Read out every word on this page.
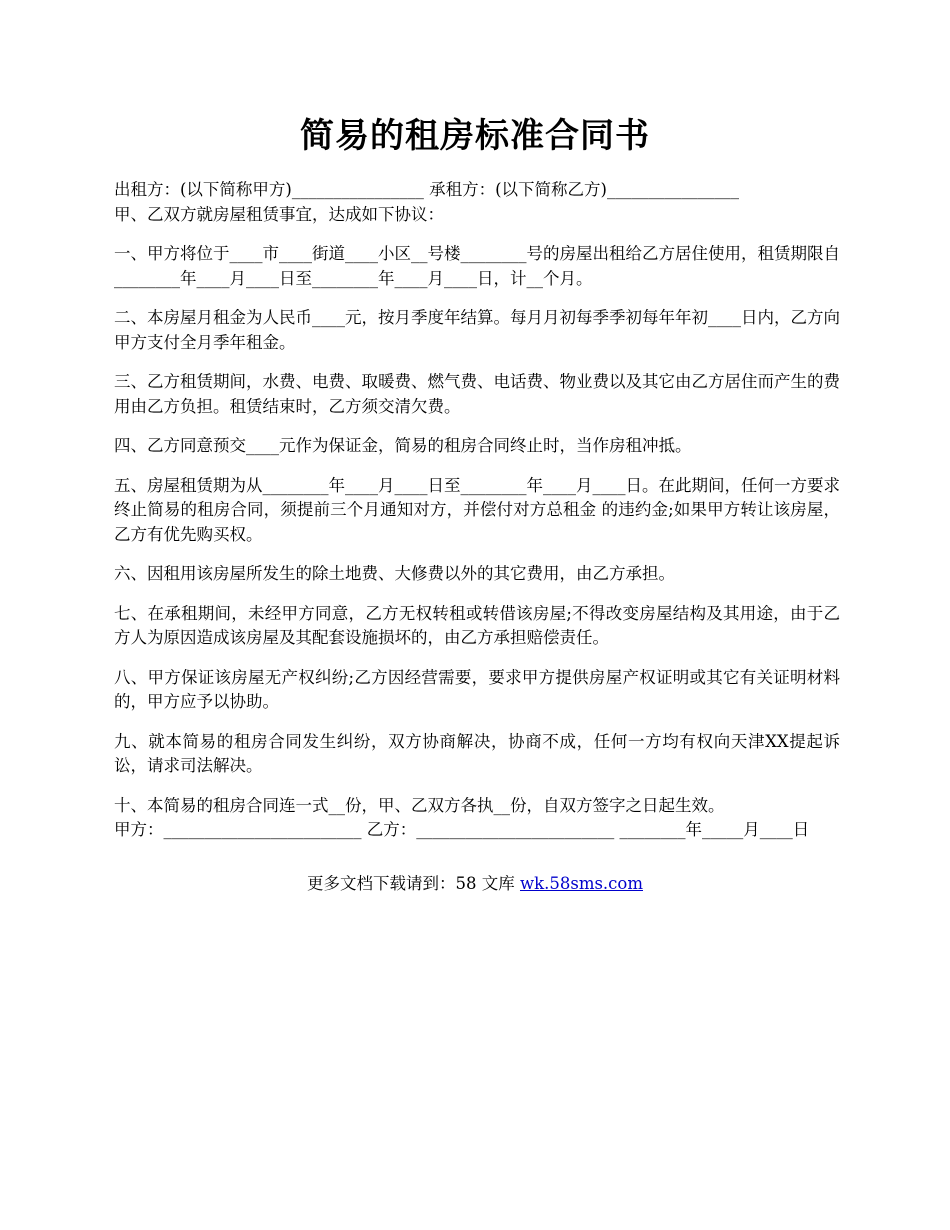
简易的租房标准合同书

出租方：(以下简称甲方)________________ 承租方：(以下简称乙方)________________

甲、乙双方就房屋租赁事宜，达成如下协议：

一、甲方将位于____市____街道____小区__号楼________号的房屋出租给乙方居住使用，租赁期限自________年____月____日至________年____月____日，计__个月。

二、本房屋月租金为人民币____元，按月季度年结算。每月月初每季季初每年年初____日内，乙方向甲方支付全月季年租金。

三、乙方租赁期间，水费、电费、取暖费、燃气费、电话费、物业费以及其它由乙方居住而产生的费用由乙方负担。租赁结束时，乙方须交清欠费。

四、乙方同意预交____元作为保证金，简易的租房合同终止时，当作房租冲抵。

五、房屋租赁期为从________年____月____日至________年____月____日。在此期间，任何一方要求终止简易的租房合同，须提前三个月通知对方，并偿付对方总租金 的违约金;如果甲方转让该房屋，乙方有优先购买权。

六、因租用该房屋所发生的除土地费、大修费以外的其它费用，由乙方承担。

七、在承租期间，未经甲方同意，乙方无权转租或转借该房屋;不得改变房屋结构及其用途，由于乙方人为原因造成该房屋及其配套设施损坏的，由乙方承担赔偿责任。

八、甲方保证该房屋无产权纠纷;乙方因经营需要，要求甲方提供房屋产权证明或其它有关证明材料的，甲方应予以协助。

九、就本简易的租房合同发生纠纷，双方协商解决，协商不成，任何一方均有权向天津XX提起诉讼，请求司法解决。

十、本简易的租房合同连一式__份，甲、乙双方各执__份，自双方签字之日起生效。

甲方：________________________ 乙方：________________________ ________年_____月____日

更多文档下载请到：58 文库 wk.58sms.com
